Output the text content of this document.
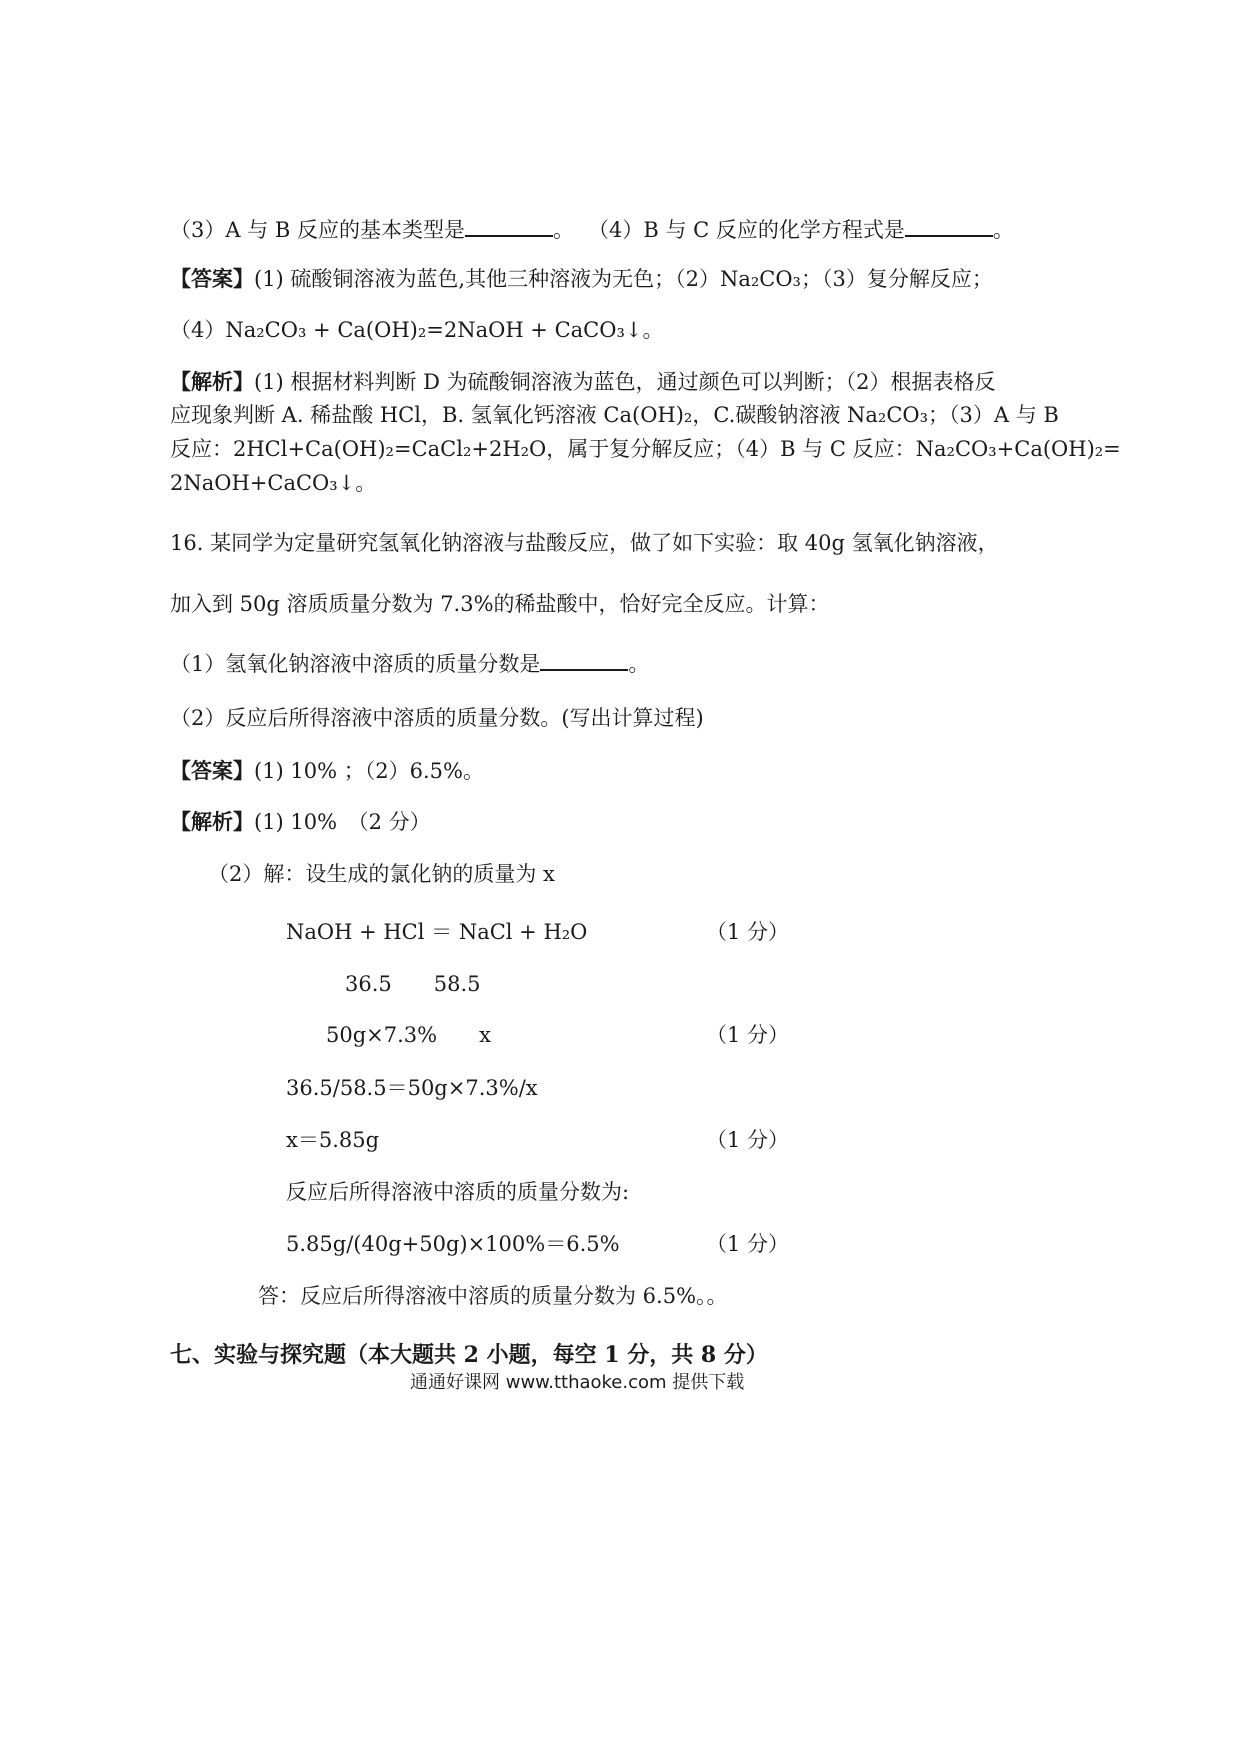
（3）A 与 B 反应的基本类型是	。 （4）B 与 C 反应的化学方程式是	。
【答案】(1) 硫酸铜溶液为蓝色,其他三种溶液为无色；（2）Na₂CO₃；（3）复分解反应；
（4）Na₂CO₃ + Ca(OH)₂=2NaOH + CaCO₃↓。
【解析】(1) 根据材料判断 D 为硫酸铜溶液为蓝色，通过颜色可以判断；（2）根据表格反
应现象判断 A. 稀盐酸 HCl，B. 氢氧化钙溶液 Ca(OH)₂，C.碳酸钠溶液 Na₂CO₃；（3）A 与 B
反应：2HCl+Ca(OH)₂=CaCl₂+2H₂O，属于复分解反应；（4）B 与 C 反应：Na₂CO₃+Ca(OH)₂=
2NaOH+CaCO₃↓。
16. 某同学为定量研究氢氧化钠溶液与盐酸反应，做了如下实验：取 40g 氢氧化钠溶液，
加入到 50g 溶质质量分数为 7.3%的稀盐酸中，恰好完全反应。计算：
（1）氢氧化钠溶液中溶质的质量分数是	。
（2）反应后所得溶液中溶质的质量分数。(写出计算过程)
【答案】(1) 10% ；（2）6.5%。
【解析】(1) 10%　（2 分）
（2）解：设生成的氯化钠的质量为 x
NaOH + HCl ＝ NaCl + H₂O	（1 分）
36.5　　58.5
50g×7.3%　　x	（1 分）
36.5/58.5＝50g×7.3%/x
x＝5.85g	（1 分）
反应后所得溶液中溶质的质量分数为:
5.85g/(40g+50g)×100%＝6.5%	（1 分）
答：反应后所得溶液中溶质的质量分数为 6.5%。。
七、实验与探究题（本大题共 2 小题，每空 1 分，共 8 分）
通通好课网 www.tthaoke.com 提供下载
